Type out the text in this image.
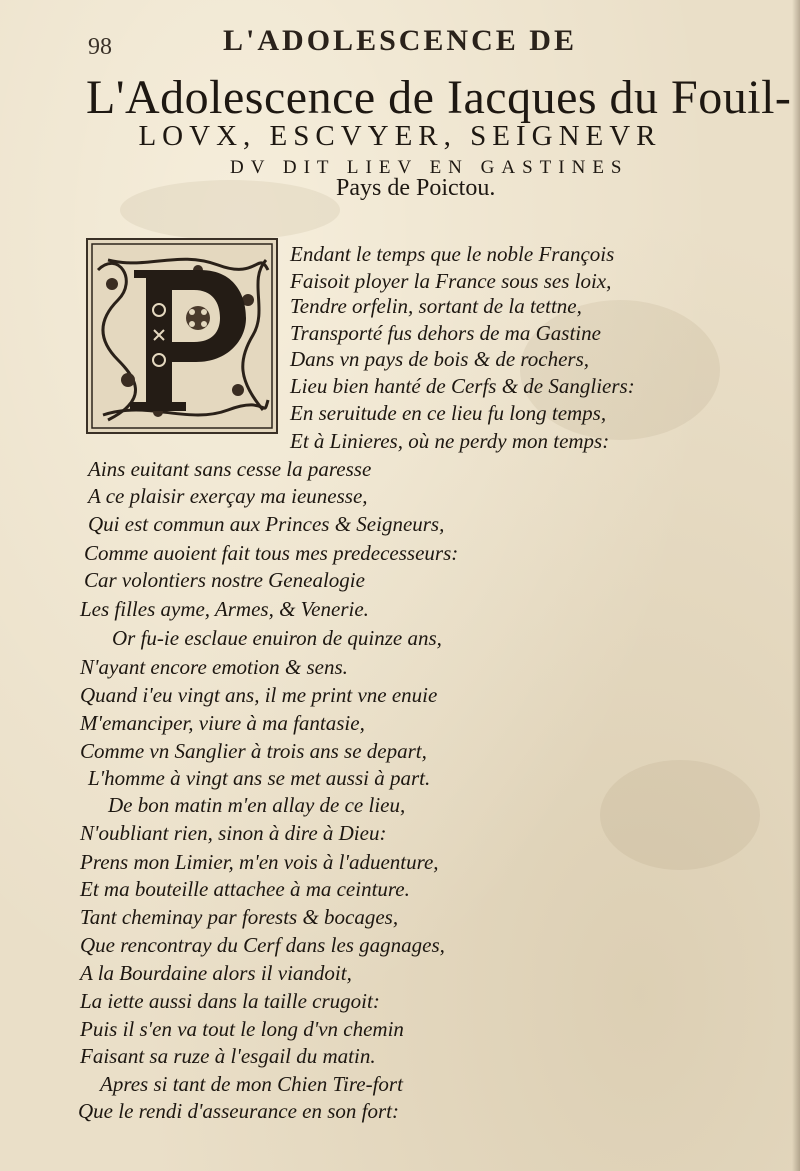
98	L'ADOLESCENCE DE
L'Adolescence de Iacques du Fouil-
LOVX, ESCVYER, SEIGNEVR
DV DIT LIEV EN GASTINES
Pays de Poictou.
Endant le temps que le noble François
Faisoit ployer la France sous ses loix,
Tendre orfelin, sortant de la tettne,
Transporté fus dehors de ma Gastine
Dans vn pays de bois & de rochers,
Lieu bien hanté de Cerfs & de Sangliers:
En seruitude en ce lieu fu long temps,
Et à Linieres, où ne perdy mon temps:
Ains euitant sans cesse la paresse
A ce plaisir exerçay ma ieunesse,
Qui est commun aux Princes & Seigneurs,
Comme auoient fait tous mes predecesseurs:
Car volontiers nostre Genealogie
Les filles ayme, Armes, & Venerie.
Or fu-ie esclaue enuiron de quinze ans,
N'ayant encore emotion & sens.
Quand i'eu vingt ans, il me print vne enuie
M'emanciper, viure à ma fantasie,
Comme vn Sanglier à trois ans se depart,
L'homme à vingt ans se met aussi à part.
De bon matin m'en allay de ce lieu,
N'oubliant rien, sinon à dire à Dieu:
Prens mon Limier, m'en vois à l'aduenture,
Et ma bouteille attachee à ma ceinture.
Tant cheminay par forests & bocages,
Que rencontray du Cerf dans les gagnages,
A la Bourdaine alors il viandoit,
La iette aussi dans la taille crugoit:
Puis il s'en va tout le long d'vn chemin
Faisant sa ruze à l'esgail du matin.
Apres si tant de mon Chien Tire-fort
Que le rendi d'asseurance en son fort:
